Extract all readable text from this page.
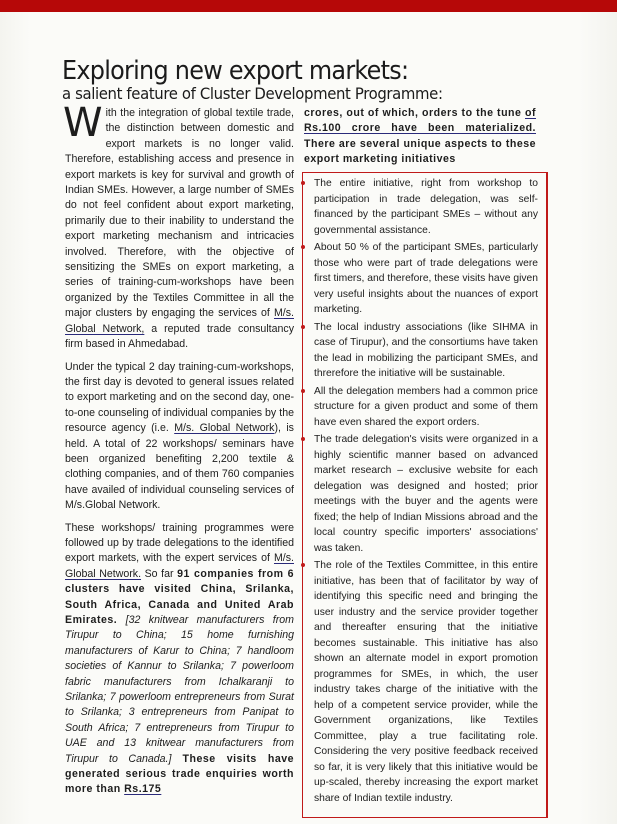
Exploring new export markets:
a salient feature of Cluster Development Programme:

With the integration of global textile trade, the distinction between domestic and export markets is no longer valid. Therefore, establishing access and presence in export markets is key for survival and growth of Indian SMEs. However, a large number of SMEs do not feel confident about export marketing, primarily due to their inability to understand the export marketing mechanism and intricacies involved. Therefore, with the objective of sensitizing the SMEs on export marketing, a series of training-cum-workshops have been organized by the Textiles Committee in all the major clusters by engaging the services of M/s. Global Network, a reputed trade consultancy firm based in Ahmedabad.

Under the typical 2 day training-cum-workshops, the first day is devoted to general issues related to export marketing and on the second day, one-to-one counseling of individual companies by the resource agency (i.e. M/s. Global Network), is held. A total of 22 workshops/ seminars have been organized benefiting 2,200 textile & clothing companies, and of them 760 companies have availed of individual counseling services of M/s.Global Network.

These workshops/ training programmes were followed up by trade delegations to the identified export markets, with the expert services of M/s. Global Network. So far 91 companies from 6 clusters have visited China, Srilanka, South Africa, Canada and United Arab Emirates. [32 knitwear manufacturers from Tirupur to China; 15 home furnishing manufacturers of Karur to China; 7 handloom societies of Kannur to Srilanka; 7 powerloom fabric manufacturers from Ichalkaranji to Srilanka; 7 powerloom entrepreneurs from Surat to Srilanka; 3 entrepreneurs from Panipat to South Africa; 7 entrepreneurs from Tirupur to UAE and 13 knitwear manufacturers from Tirupur to Canada.] These visits have generated serious trade enquiries worth more than Rs.175

crores, out of which, orders to the tune of Rs.100 crore have been materialized. There are several unique aspects to these export marketing initiatives

The entire initiative, right from workshop to participation in trade delegation, was self-financed by the participant SMEs – without any governmental assistance.

About 50 % of the participant SMEs, particularly those who were part of trade delegations were first timers, and therefore, these visits have given very useful insights about the nuances of export marketing.

The local industry associations (like SIHMA in case of Tirupur), and the consortiums have taken the lead in mobilizing the participant SMEs, and threrefore the initiative will be sustainable.

All the delegation members had a common price structure for a given product and some of them have even shared the export orders.

The trade delegation's visits were organized in a highly scientific manner based on advanced market research – exclusive website for each delegation was designed and hosted; prior meetings with the buyer and the agents were fixed; the help of Indian Missions abroad and the local country specific importers' associations' was taken.

The role of the Textiles Committee, in this entire initiative, has been that of facilitator by way of identifying this specific need and bringing the user industry and the service provider together and thereafter ensuring that the initiative becomes sustainable. This initiative has also shown an alternate model in export promotion programmes for SMEs, in which, the user industry takes charge of the initiative with the help of a competent service provider, while the Government organizations, like Textiles Committee, play a true facilitating role. Considering the very positive feedback received so far, it is very likely that this initiative would be up-scaled, thereby increasing the export market share of Indian textile industry.
